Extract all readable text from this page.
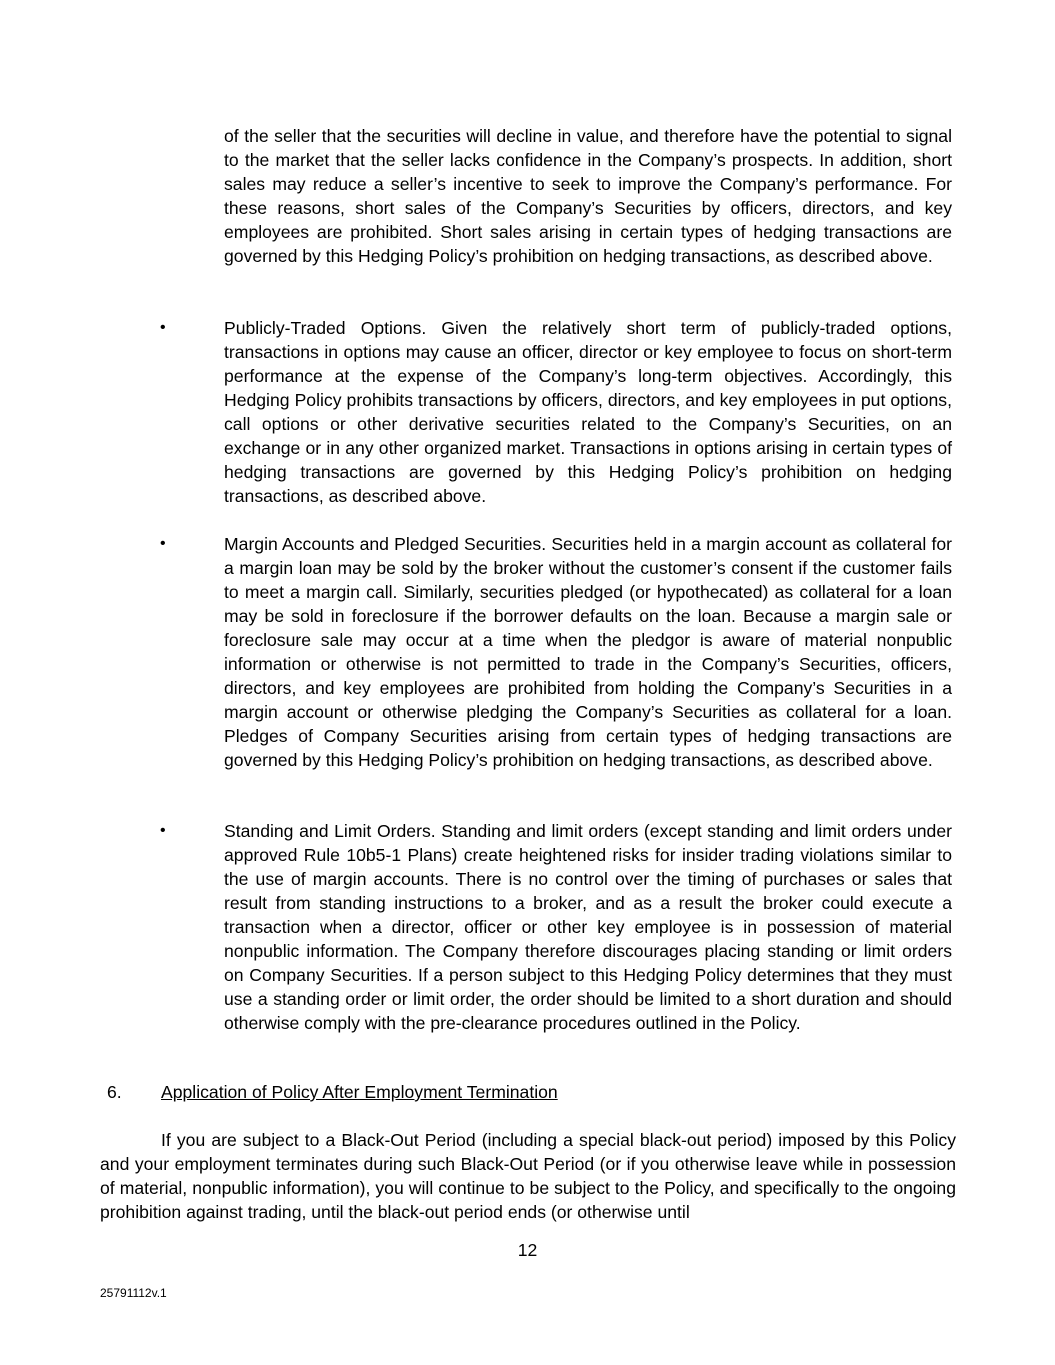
of the seller that the securities will decline in value, and therefore have the potential to signal to the market that the seller lacks confidence in the Company’s prospects. In addition, short sales may reduce a seller’s incentive to seek to improve the Company’s performance. For these reasons, short sales of the Company’s Securities by officers, directors, and key employees are prohibited. Short sales arising in certain types of hedging transactions are governed by this Hedging Policy’s prohibition on hedging transactions, as described above.

•	Publicly-Traded Options. Given the relatively short term of publicly-traded options, transactions in options may cause an officer, director or key employee to focus on short-term performance at the expense of the Company’s long-term objectives. Accordingly, this Hedging Policy prohibits transactions by officers, directors, and key employees in put options, call options or other derivative securities related to the Company’s Securities, on an exchange or in any other organized market. Transactions in options arising in certain types of hedging transactions are governed by this Hedging Policy’s prohibition on hedging transactions, as described above.

•	Margin Accounts and Pledged Securities. Securities held in a margin account as collateral for a margin loan may be sold by the broker without the customer’s consent if the customer fails to meet a margin call. Similarly, securities pledged (or hypothecated) as collateral for a loan may be sold in foreclosure if the borrower defaults on the loan. Because a margin sale or foreclosure sale may occur at a time when the pledgor is aware of material nonpublic information or otherwise is not permitted to trade in the Company’s Securities, officers, directors, and key employees are prohibited from holding the Company’s Securities in a margin account or otherwise pledging the Company’s Securities as collateral for a loan. Pledges of Company Securities arising from certain types of hedging transactions are governed by this Hedging Policy’s prohibition on hedging transactions, as described above.

•	Standing and Limit Orders. Standing and limit orders (except standing and limit orders under approved Rule 10b5-1 Plans) create heightened risks for insider trading violations similar to the use of margin accounts. There is no control over the timing of purchases or sales that result from standing instructions to a broker, and as a result the broker could execute a transaction when a director, officer or other key employee is in possession of material nonpublic information. The Company therefore discourages placing standing or limit orders on Company Securities. If a person subject to this Hedging Policy determines that they must use a standing order or limit order, the order should be limited to a short duration and should otherwise comply with the pre-clearance procedures outlined in the Policy.

6. Application of Policy After Employment Termination

If you are subject to a Black-Out Period (including a special black-out period) imposed by this Policy and your employment terminates during such Black-Out Period (or if you otherwise leave while in possession of material, nonpublic information), you will continue to be subject to the Policy, and specifically to the ongoing prohibition against trading, until the black-out period ends (or otherwise until

12
25791112v.1
